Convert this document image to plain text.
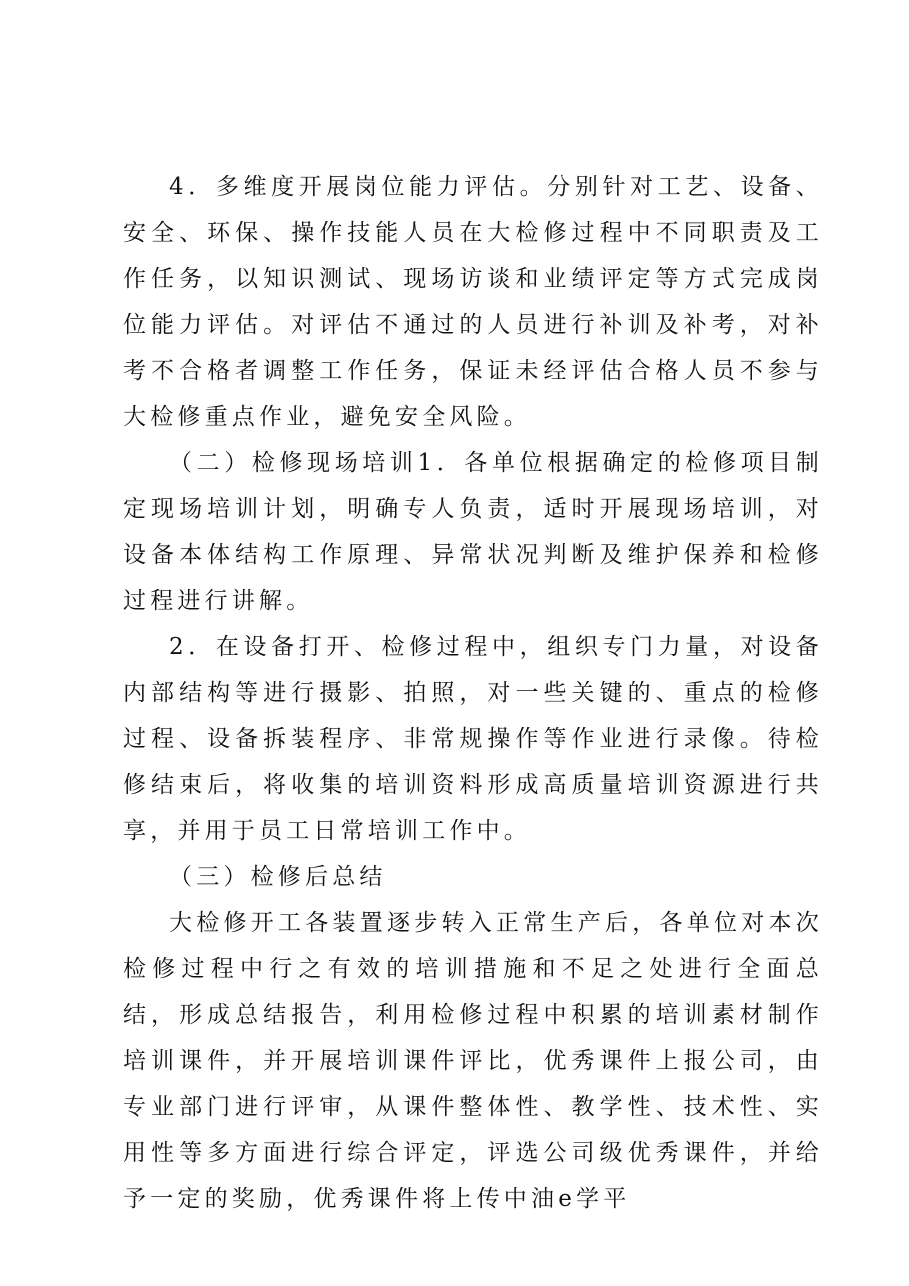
4．多维度开展岗位能力评估。分别针对工艺、设备、安全、环保、操作技能人员在大检修过程中不同职责及工作任务，以知识测试、现场访谈和业绩评定等方式完成岗位能力评估。对评估不通过的人员进行补训及补考，对补考不合格者调整工作任务，保证未经评估合格人员不参与大检修重点作业，避免安全风险。

（二）检修现场培训1．各单位根据确定的检修项目制定现场培训计划，明确专人负责，适时开展现场培训，对设备本体结构工作原理、异常状况判断及维护保养和检修过程进行讲解。

2．在设备打开、检修过程中，组织专门力量，对设备内部结构等进行摄影、拍照，对一些关键的、重点的检修过程、设备拆装程序、非常规操作等作业进行录像。待检修结束后，将收集的培训资料形成高质量培训资源进行共享，并用于员工日常培训工作中。

（三）检修后总结

大检修开工各装置逐步转入正常生产后，各单位对本次检修过程中行之有效的培训措施和不足之处进行全面总结，形成总结报告，利用检修过程中积累的培训素材制作培训课件，并开展培训课件评比，优秀课件上报公司，由专业部门进行评审，从课件整体性、教学性、技术性、实用性等多方面进行综合评定，评选公司级优秀课件，并给予一定的奖励，优秀课件将上传中油e学平
